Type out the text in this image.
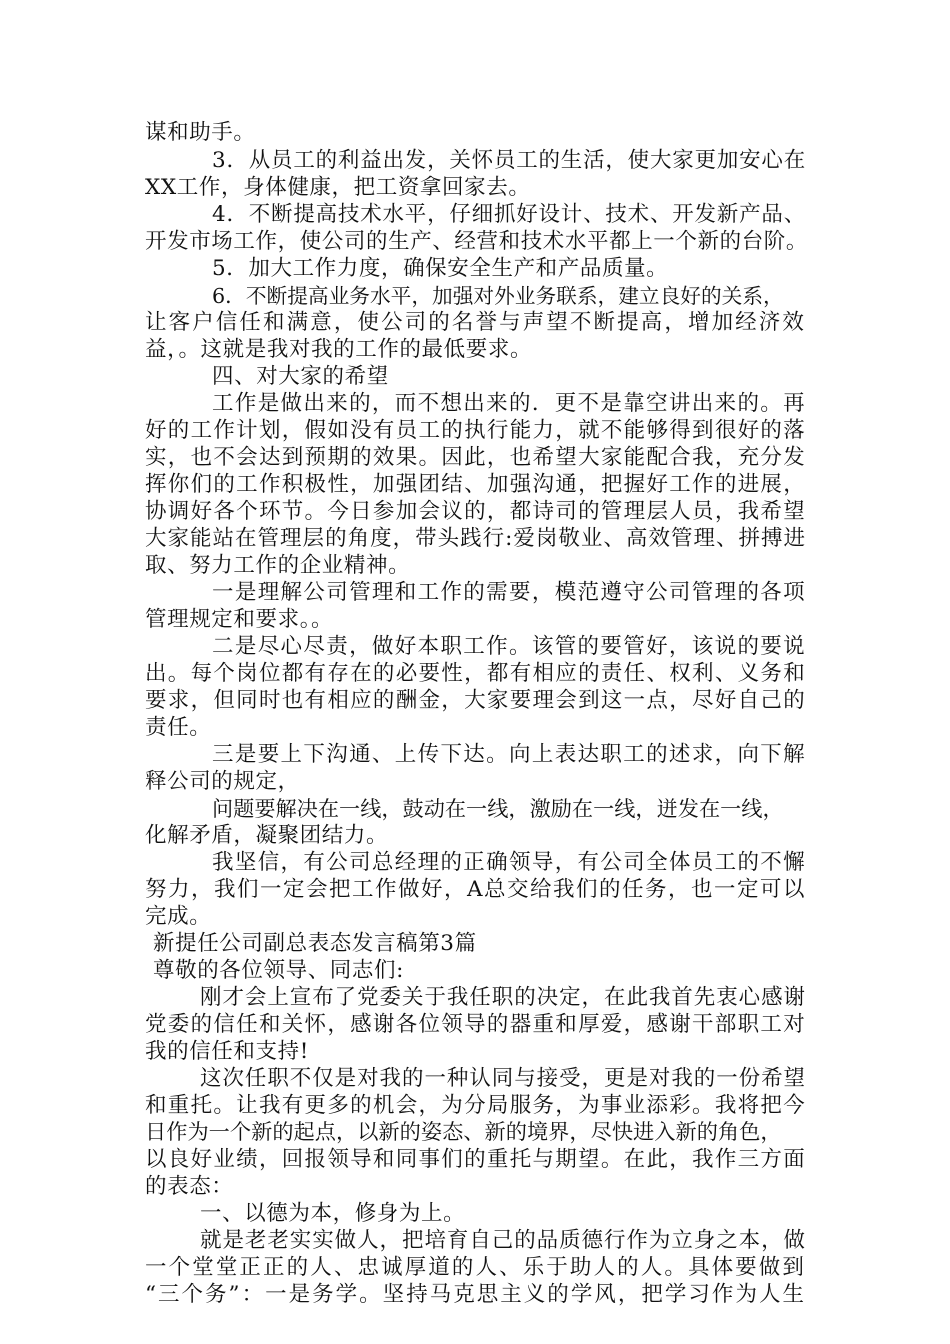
谋和助手。
3．从员工的利益出发，关怀员工的生活，使大家更加安心在
XX工作，身体健康，把工资拿回家去。
4．不断提高技术水平，仔细抓好设计、技术、开发新产品、
开发市场工作，使公司的生产、经营和技术水平都上一个新的台阶。
5．加大工作力度，确保安全生产和产品质量。
6．不断提高业务水平，加强对外业务联系，建立良好的关系，
让客户信任和满意，使公司的名誉与声望不断提高，增加经济效
益，。这就是我对我的工作的最低要求。
四、对大家的希望
工作是做出来的，而不想出来的．更不是靠空讲出来的。再
好的工作计划，假如没有员工的执行能力，就不能够得到很好的落
实，也不会达到预期的效果。因此，也希望大家能配合我，充分发
挥你们的工作积极性，加强团结、加强沟通，把握好工作的进展，
协调好各个环节。今日参加会议的，都诗司的管理层人员，我希望
大家能站在管理层的角度，带头践行:爱岗敬业、高效管理、拼搏进
取、努力工作的企业精神。
一是理解公司管理和工作的需要，模范遵守公司管理的各项
管理规定和要求。。
二是尽心尽责，做好本职工作。该管的要管好，该说的要说
出。每个岗位都有存在的必要性，都有相应的责任、权利、义务和
要求，但同时也有相应的酬金，大家要理会到这一点，尽好自己的
责任。
三是要上下沟通、上传下达。向上表达职工的述求，向下解
释公司的规定，
问题要解决在一线，鼓动在一线，激励在一线，迸发在一线，
化解矛盾，凝聚团结力。
我坚信，有公司总经理的正确领导，有公司全体员工的不懈
努力，我们一定会把工作做好，A总交给我们的任务，也一定可以
完成。
新提任公司副总表态发言稿第3篇
尊敬的各位领导、同志们:
刚才会上宣布了党委关于我任职的决定，在此我首先衷心感谢
党委的信任和关怀，感谢各位领导的器重和厚爱，感谢干部职工对
我的信任和支持!
这次任职不仅是对我的一种认同与接受，更是对我的一份希望
和重托。让我有更多的机会，为分局服务，为事业添彩。我将把今
日作为一个新的起点，以新的姿态、新的境界，尽快进入新的角色，
以良好业绩，回报领导和同事们的重托与期望。在此，我作三方面
的表态：
一、以德为本，修身为上。
就是老老实实做人，把培育自己的品质德行作为立身之本，做
一个堂堂正正的人、忠诚厚道的人、乐于助人的人。具体要做到
“三个务”：一是务学。坚持马克思主义的学风，把学习作为人生
